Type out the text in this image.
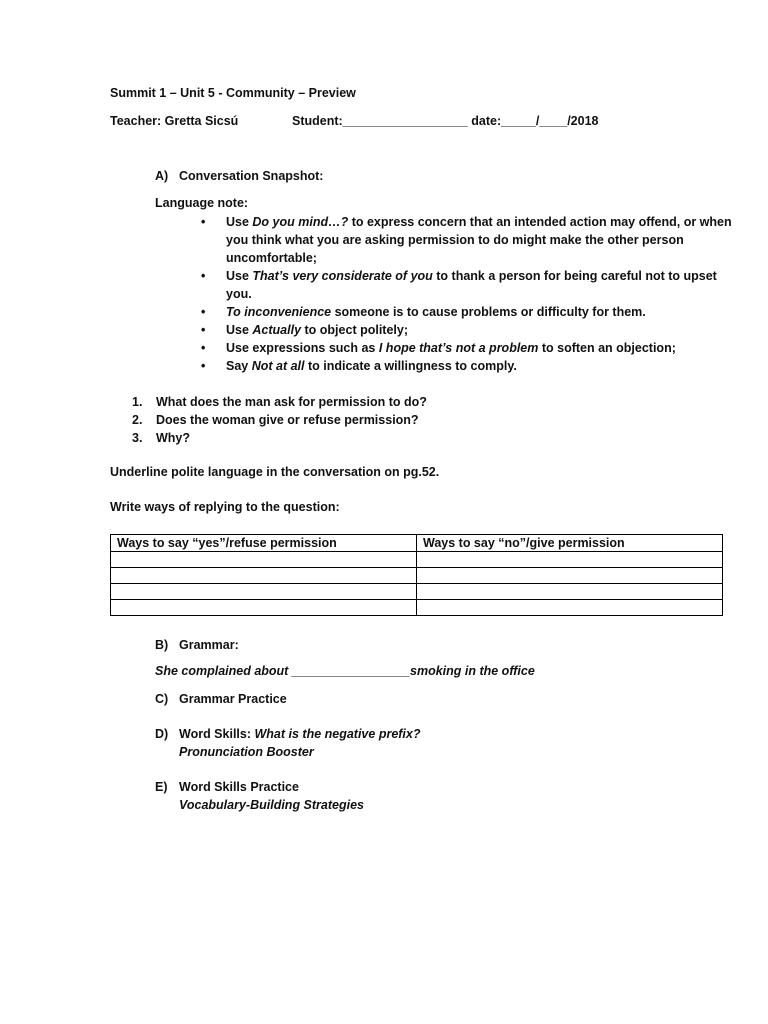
Summit 1 – Unit 5 - Community – Preview
Teacher: Gretta Sicsú	Student:__________________ date:_____/____/2018
A) Conversation Snapshot:
Language note:
• Use Do you mind…? to express concern that an intended action may offend, or when you think what you are asking permission to do might make the other person uncomfortable;
• Use That’s very considerate of you to thank a person for being careful not to upset you.
• To inconvenience someone is to cause problems or difficulty for them.
• Use Actually to object politely;
• Use expressions such as I hope that’s not a problem to soften an objection;
• Say Not at all to indicate a willingness to comply.
1. What does the man ask for permission to do?
2. Does the woman give or refuse permission?
3. Why?
Underline polite language in the conversation on pg.52.
Write ways of replying to the question:
Ways to say “yes”/refuse permission	Ways to say “no”/give permission

B) Grammar:
She complained about _________________smoking in the office
C) Grammar Practice
D) Word Skills: What is the negative prefix?
Pronunciation Booster
E) Word Skills Practice
Vocabulary-Building Strategies
